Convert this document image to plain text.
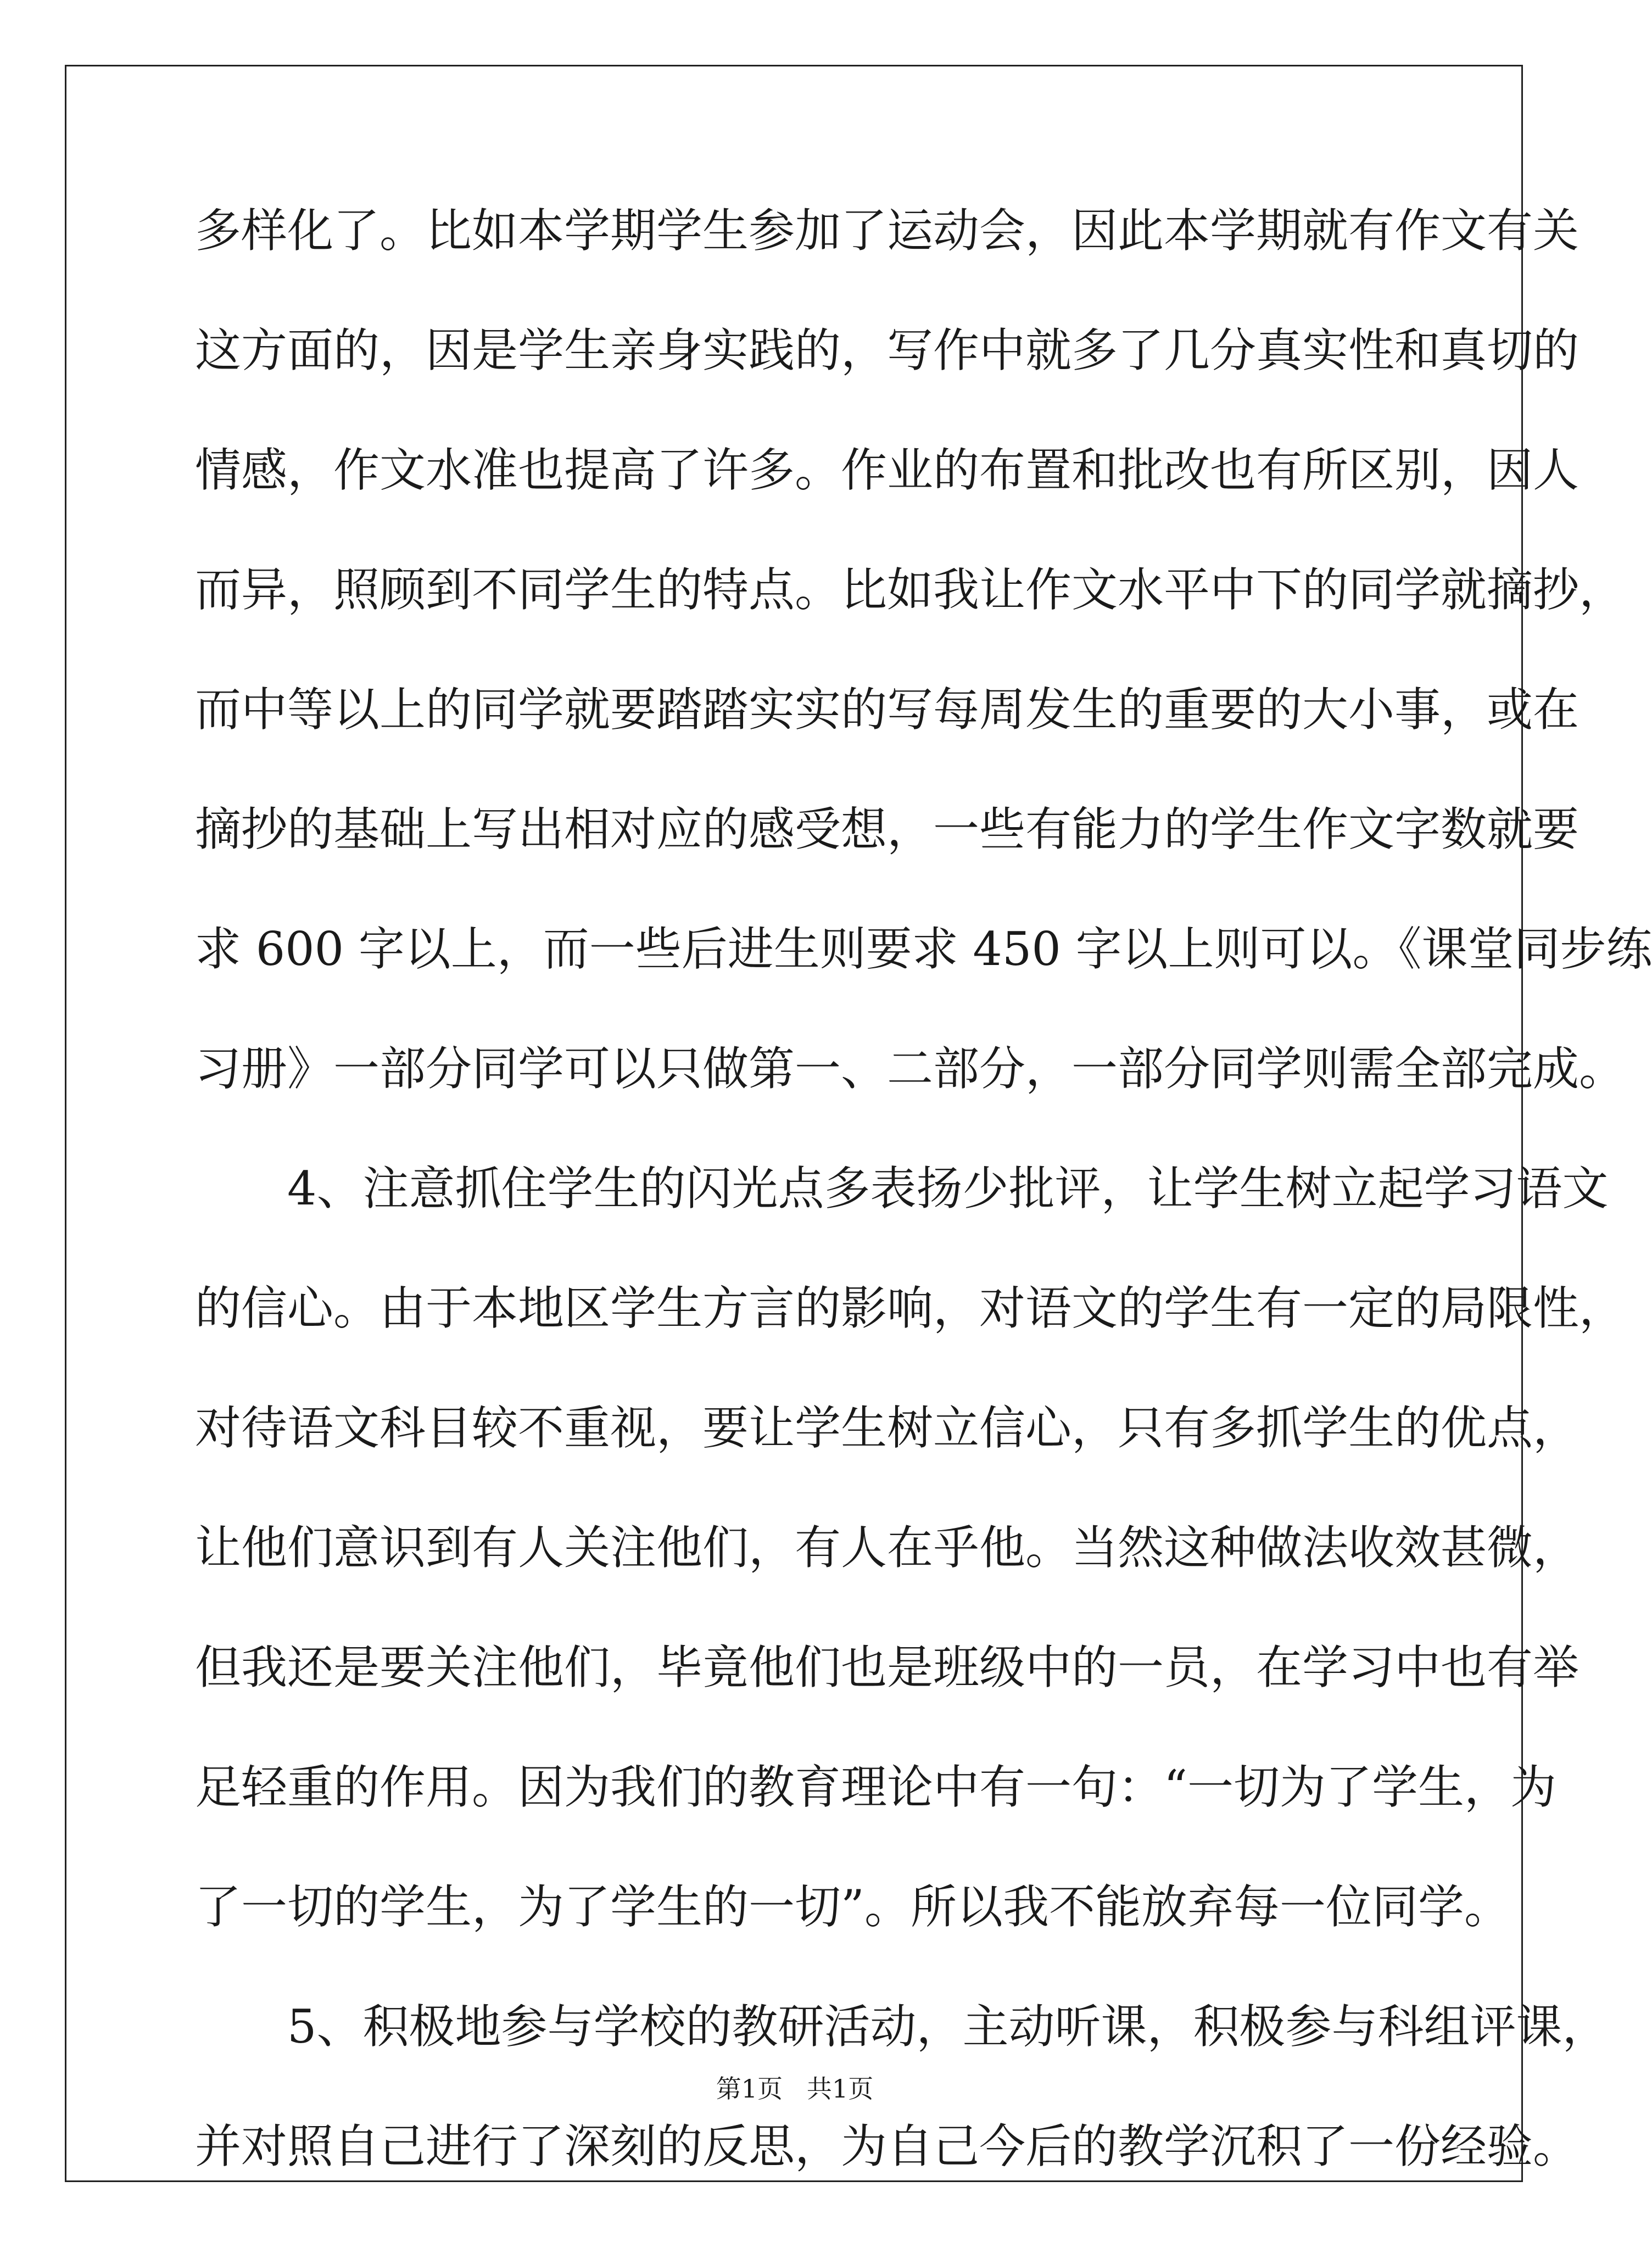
多样化了。比如本学期学生参加了运动会，因此本学期就有作文有关
这方面的，因是学生亲身实践的，写作中就多了几分真实性和真切的
情感，作文水准也提高了许多。作业的布置和批改也有所区别，因人
而异，照顾到不同学生的特点。比如我让作文水平中下的同学就摘抄，
而中等以上的同学就要踏踏实实的写每周发生的重要的大小事，或在
摘抄的基础上写出相对应的感受想，一些有能力的学生作文字数就要
求 600 字以上，而一些后进生则要求 450 字以上则可以。《课堂同步练
习册》一部分同学可以只做第一、二部分，一部分同学则需全部完成。
　　4、注意抓住学生的闪光点多表扬少批评，让学生树立起学习语文
的信心。由于本地区学生方言的影响，对语文的学生有一定的局限性，
对待语文科目较不重视，要让学生树立信心，只有多抓学生的优点，
让他们意识到有人关注他们，有人在乎他。当然这种做法收效甚微，
但我还是要关注他们，毕竟他们也是班级中的一员，在学习中也有举
足轻重的作用。因为我们的教育理论中有一句：“一切为了学生，为
了一切的学生，为了学生的一切”。所以我不能放弃每一位同学。
　　5、积极地参与学校的教研活动，主动听课，积极参与科组评课，
并对照自己进行了深刻的反思，为自己今后的教学沉积了一份经验。
第1页   共1页
